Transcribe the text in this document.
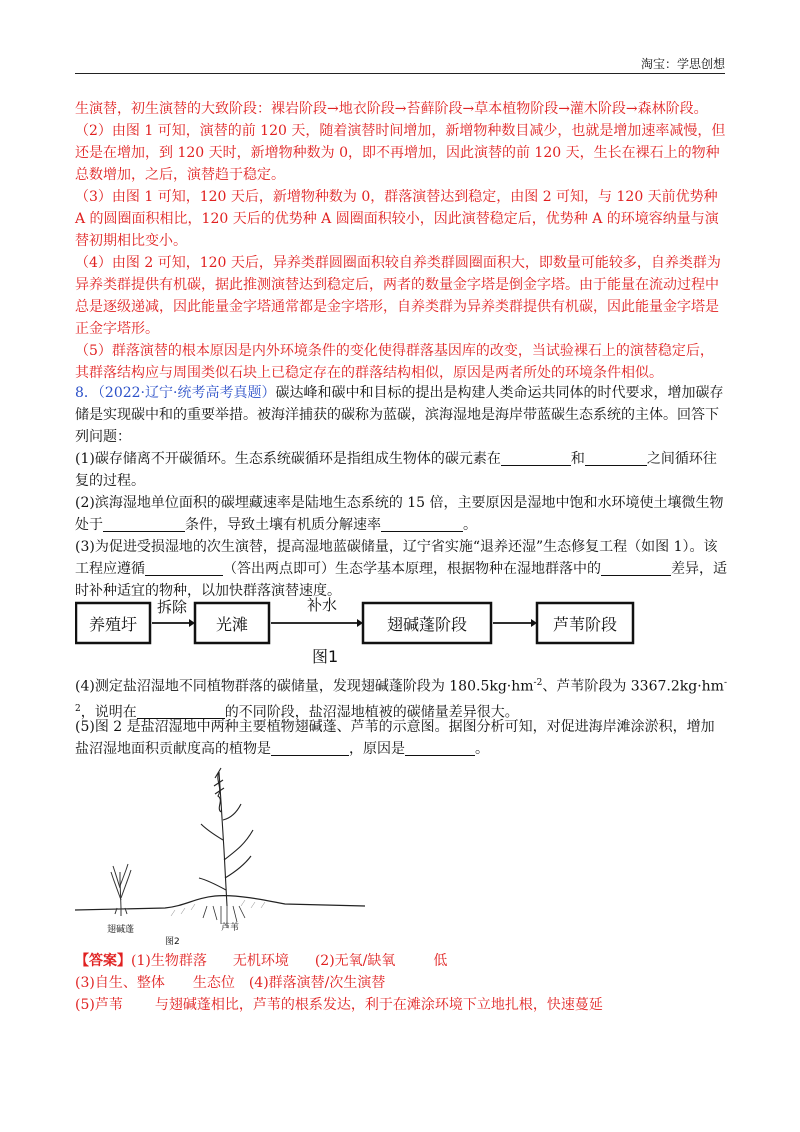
淘宝：学思创想

生演替，初生演替的大致阶段：裸岩阶段→地衣阶段→苔藓阶段→草本植物阶段→灌木阶段→森林阶段。

（2）由图 1 可知，演替的前 120 天，随着演替时间增加，新增物种数目减少，也就是增加速率减慢，但还是在增加，到 120 天时，新增物种数为 0，即不再增加，因此演替的前 120 天，生长在裸石上的物种总数增加，之后，演替趋于稳定。

（3）由图 1 可知，120 天后，新增物种数为 0，群落演替达到稳定，由图 2 可知，与 120 天前优势种 A 的圆圈面积相比，120 天后的优势种 A 圆圈面积较小，因此演替稳定后，优势种 A 的环境容纳量与演替初期相比变小。

（4）由图 2 可知，120 天后，异养类群圆圈面积较自养类群圆圈面积大，即数量可能较多，自养类群为异养类群提供有机碳，据此推测演替达到稳定后，两者的数量金字塔是倒金字塔。由于能量在流动过程中总是逐级递减，因此能量金字塔通常都是金字塔形，自养类群为异养类群提供有机碳，因此能量金字塔是正金字塔形。

（5）群落演替的根本原因是内外环境条件的变化使得群落基因库的改变，当试验裸石上的演替稳定后，其群落结构应与周围类似石块上已稳定存在的群落结构相似，原因是两者所处的环境条件相似。

8．（2022·辽宁·统考高考真题）碳达峰和碳中和目标的提出是构建人类命运共同体的时代要求，增加碳存储是实现碳中和的重要举措。被海洋捕获的碳称为蓝碳，滨海湿地是海岸带蓝碳生态系统的主体。回答下列问题：

(1)碳存储离不开碳循环。生态系统碳循环是指组成生物体的碳元素在	和	之间循环往复的过程。

(2)滨海湿地单位面积的碳埋藏速率是陆地生态系统的 15 倍，主要原因是湿地中饱和水环境使土壤微生物处于	条件，导致土壤有机质分解速率	。

(3)为促进受损湿地的次生演替，提高湿地蓝碳储量，辽宁省实施“退养还湿”生态修复工程（如图 1）。该工程应遵循	（答出两点即可）生态学基本原理，根据物种在湿地群落中的	差异，适时补种适宜的物种，以加快群落演替速度。

养殖圩	光滩	翅碱蓬阶段	芦苇阶段
拆除	补水
图1

(4)测定盐沼湿地不同植物群落的碳储量，发现翅碱蓬阶段为 $180.5kg\cdot hm^{-2}$、芦苇阶段为 $3367.2kg\cdot hm^{-2}$，说明在	的不同阶段，盐沼湿地植被的碳储量差异很大。

(5)图 2 是盐沼湿地中两种主要植物翅碱蓬、芦苇的示意图。据图分析可知，对促进海岸滩涂淤积，增加盐沼湿地面积贡献度高的植物是	，原因是	。

翅碱蓬	芦苇
图2
【答案】(1)生物群落 无机环境 (2)无氧/缺氧	低
(3)自生、整体 生态位 (4)群落演替/次生演替
(5)芦苇 与翅碱蓬相比，芦苇的根系发达，利于在滩涂环境下立地扎根，快速蔓延
